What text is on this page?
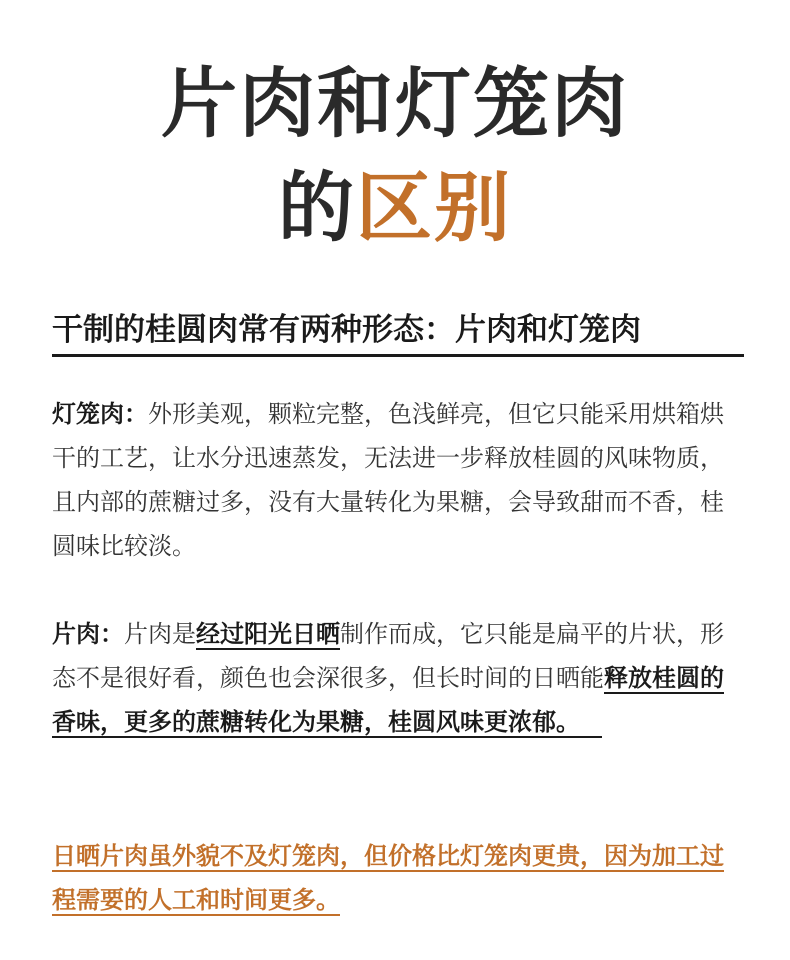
片肉和灯笼肉
的区别
干制的桂圆肉常有两种形态：片肉和灯笼肉
灯笼肉：外形美观，颗粒完整，色浅鲜亮，但它只能采用烘箱烘干的工艺，让水分迅速蒸发，无法进一步释放桂圆的风味物质，且内部的蔗糖过多，没有大量转化为果糖，会导致甜而不香，桂圆味比较淡。
片肉：片肉是经过阳光日晒制作而成，它只能是扁平的片状，形态不是很好看，颜色也会深很多，但长时间的日晒能释放桂圆的香味，更多的蔗糖转化为果糖，桂圆风味更浓郁。
日晒片肉虽外貌不及灯笼肉，但价格比灯笼肉更贵，因为加工过程需要的人工和时间更多。
